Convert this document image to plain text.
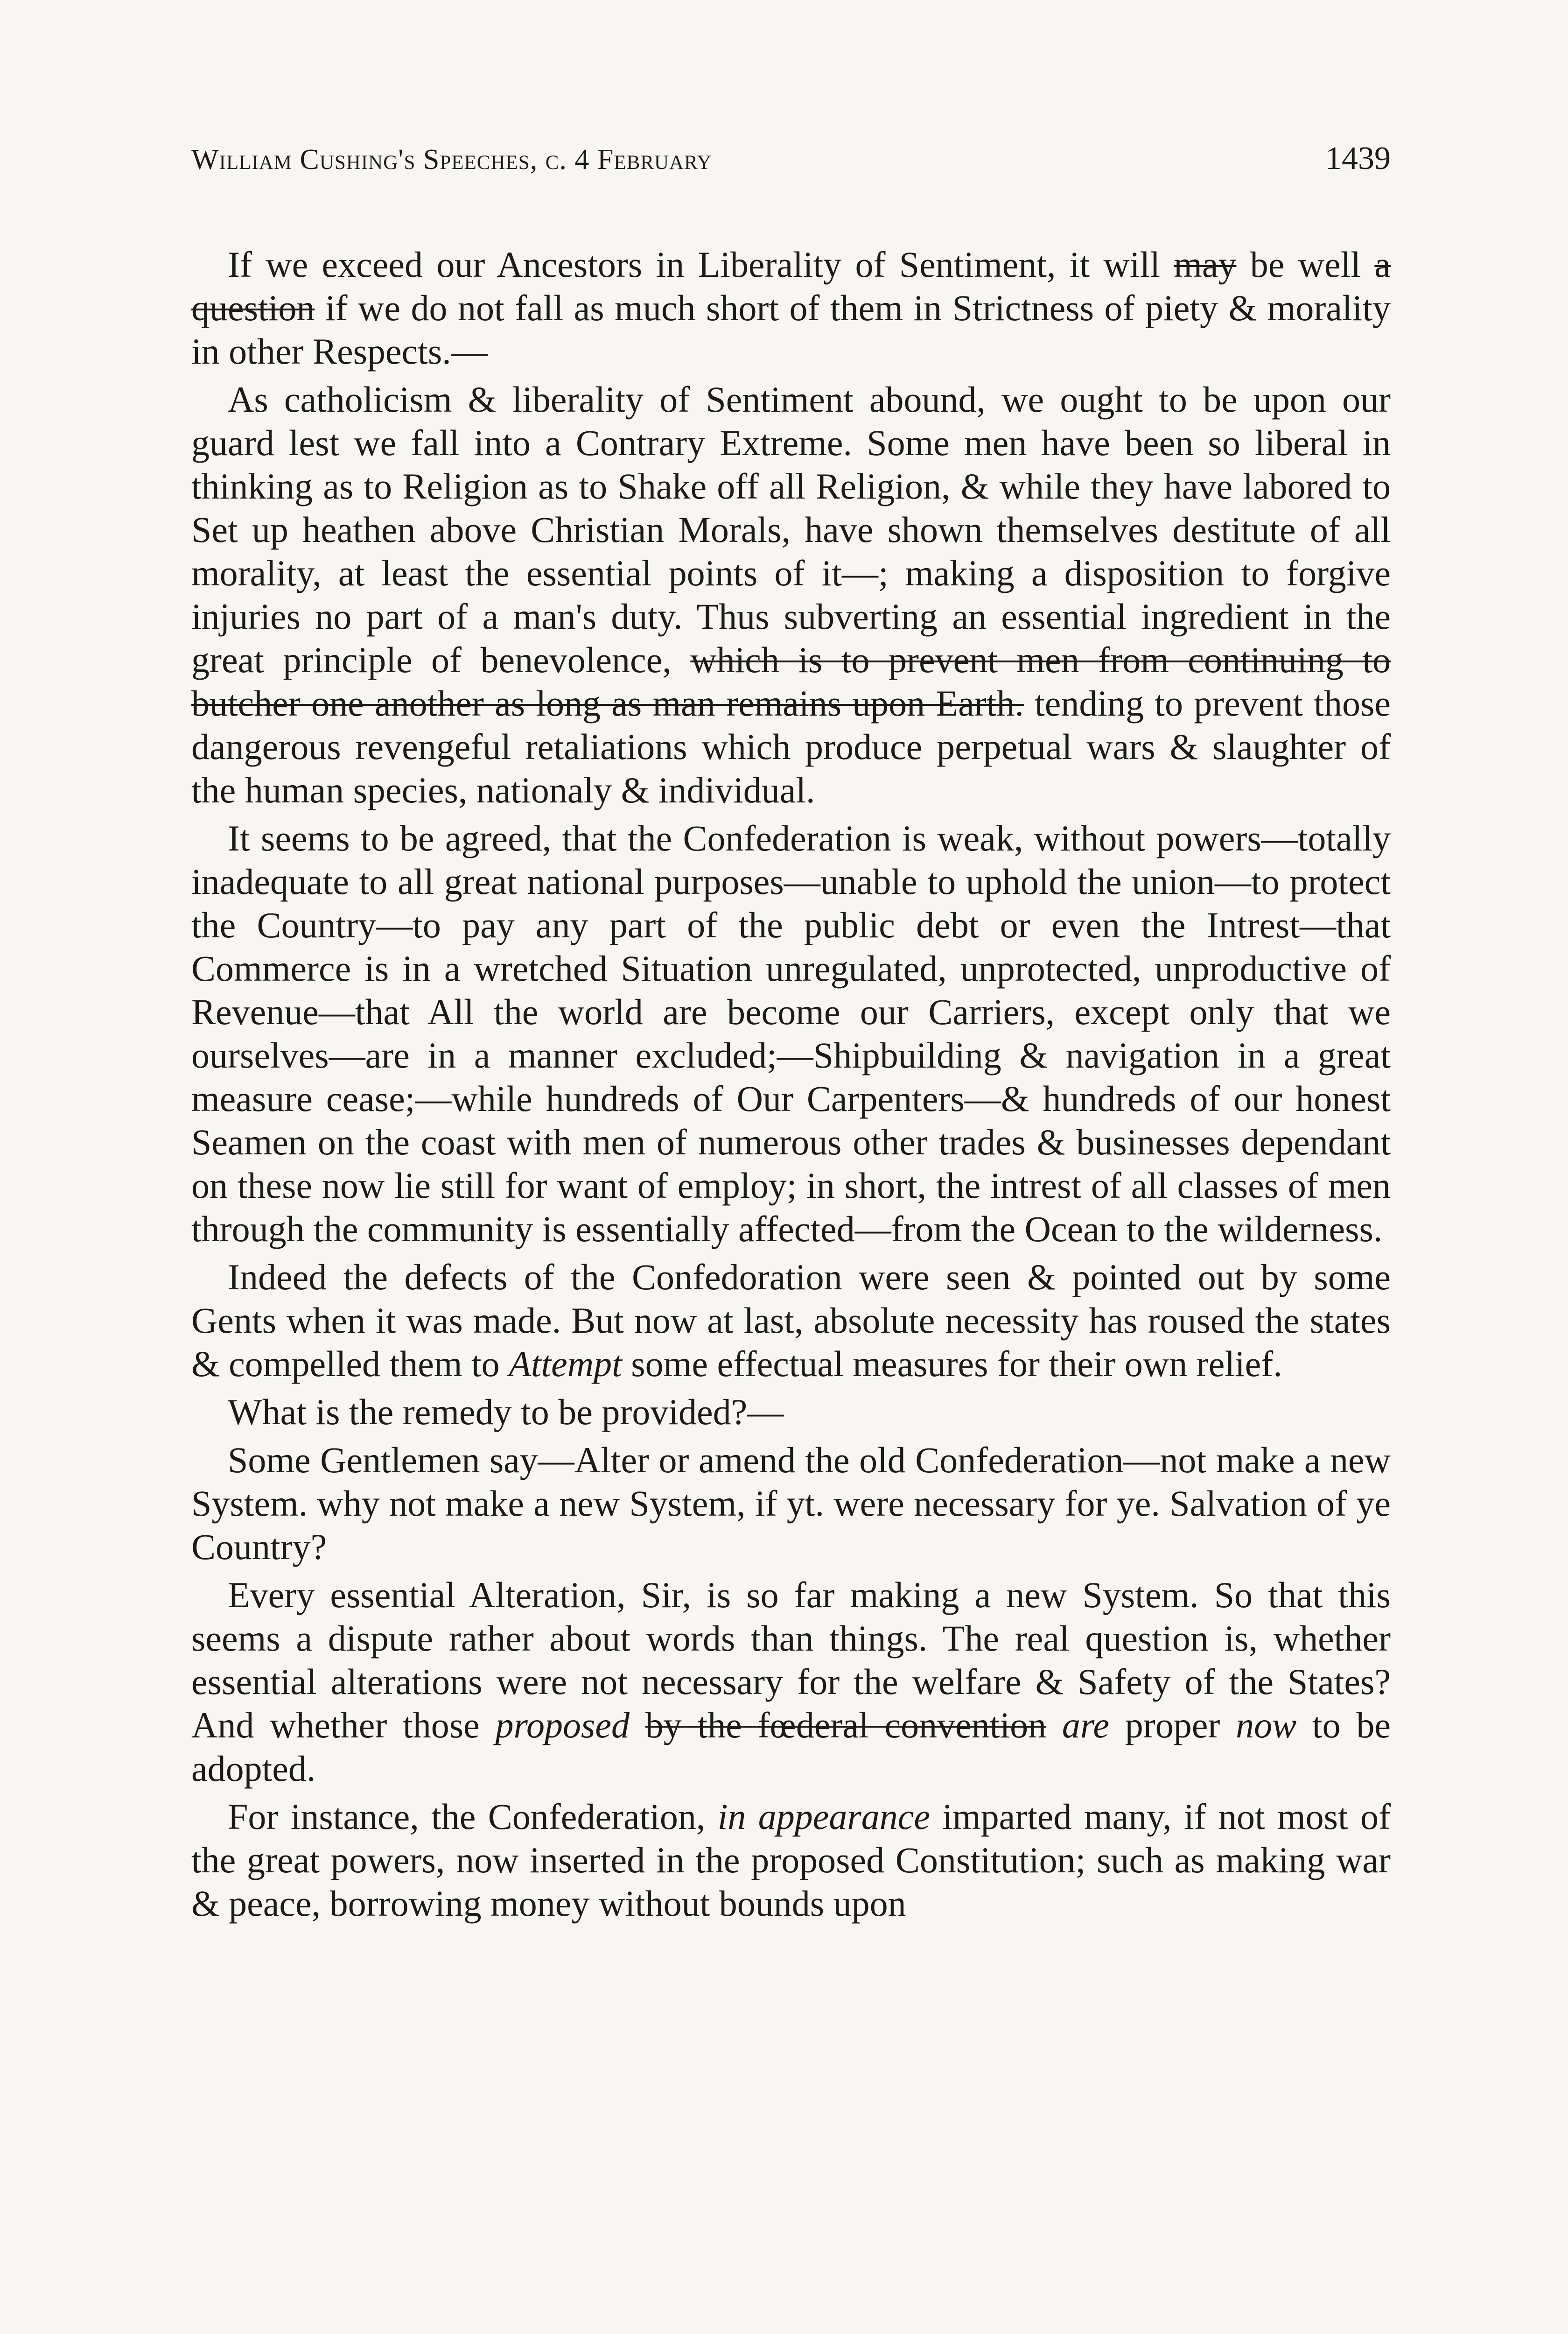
William Cushing's Speeches, c. 4 February	1439

If we exceed our Ancestors in Liberality of Sentiment, it will may be well a question if we do not fall as much short of them in Strictness of piety & morality in other Respects.—

As catholicism & liberality of Sentiment abound, we ought to be upon our guard lest we fall into a Contrary Extreme. Some men have been so liberal in thinking as to Religion as to Shake off all Religion, & while they have labored to Set up heathen above Christian Morals, have shown themselves destitute of all morality, at least the essential points of it—; making a disposition to forgive injuries no part of a man's duty. Thus subverting an essential ingredient in the great principle of benevolence, which is to prevent men from continuing to butcher one another as long as man remains upon Earth. tending to prevent those dangerous revengeful retaliations which produce perpetual wars & slaughter of the human species, nationaly & individual.

It seems to be agreed, that the Confederation is weak, without powers—totally inadequate to all great national purposes—unable to uphold the union—to protect the Country—to pay any part of the public debt or even the Intrest—that Commerce is in a wretched Situation unregulated, unprotected, unproductive of Revenue—that All the world are become our Carriers, except only that we ourselves—are in a manner excluded;—Shipbuilding & navigation in a great measure cease;—while hundreds of Our Carpenters—& hundreds of our honest Seamen on the coast with men of numerous other trades & businesses dependant on these now lie still for want of employ; in short, the intrest of all classes of men through the community is essentially affected—from the Ocean to the wilderness.

Indeed the defects of the Confedoration were seen & pointed out by some Gents when it was made. But now at last, absolute necessity has roused the states & compelled them to Attempt some effectual measures for their own relief.

What is the remedy to be provided?—

Some Gentlemen say—Alter or amend the old Confederation—not make a new System. why not make a new System, if yt. were necessary for ye. Salvation of ye Country?

Every essential Alteration, Sir, is so far making a new System. So that this seems a dispute rather about words than things. The real question is, whether essential alterations were not necessary for the welfare & Safety of the States? And whether those proposed by the fœderal convention are proper now to be adopted.

For instance, the Confederation, in appearance imparted many, if not most of the great powers, now inserted in the proposed Constitution; such as making war & peace, borrowing money without bounds upon
